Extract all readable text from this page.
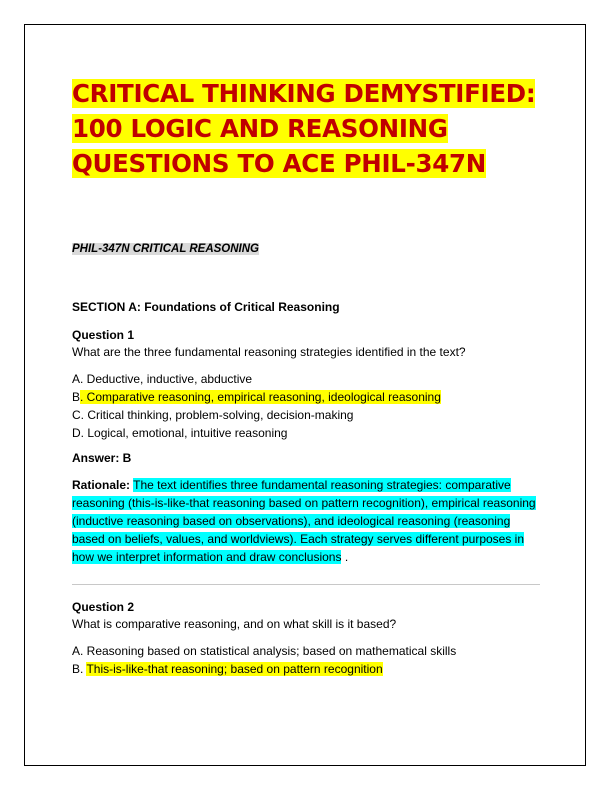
CRITICAL THINKING DEMYSTIFIED: 100 LOGIC AND REASONING QUESTIONS TO ACE PHIL-347N
PHIL-347N CRITICAL REASONING
SECTION A: Foundations of Critical Reasoning
Question 1
What are the three fundamental reasoning strategies identified in the text?
A. Deductive, inductive, abductive
B. Comparative reasoning, empirical reasoning, ideological reasoning
C. Critical thinking, problem-solving, decision-making
D. Logical, emotional, intuitive reasoning
Answer: B
Rationale: The text identifies three fundamental reasoning strategies: comparative reasoning (this-is-like-that reasoning based on pattern recognition), empirical reasoning (inductive reasoning based on observations), and ideological reasoning (reasoning based on beliefs, values, and worldviews). Each strategy serves different purposes in how we interpret information and draw conclusions .
Question 2
What is comparative reasoning, and on what skill is it based?
A. Reasoning based on statistical analysis; based on mathematical skills
B. This-is-like-that reasoning; based on pattern recognition
